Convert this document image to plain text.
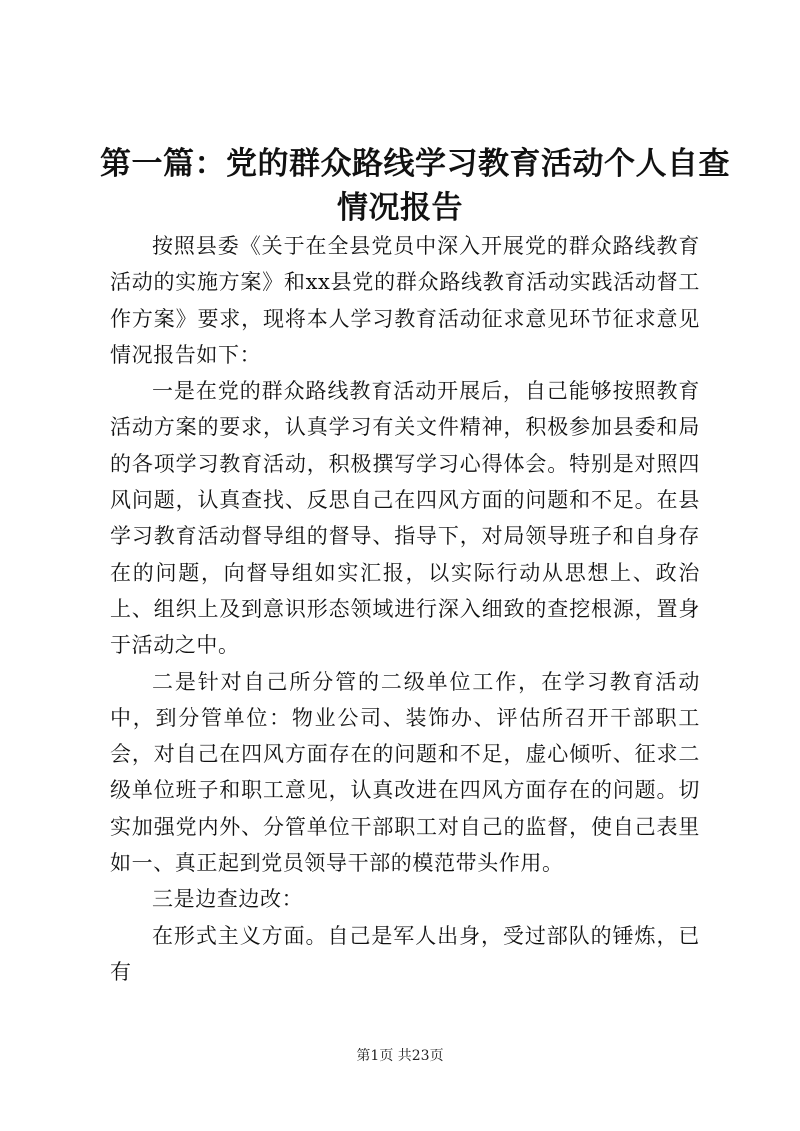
第一篇：党的群众路线学习教育活动个人自查
情况报告

按照县委《关于在全县党员中深入开展党的群众路线教育活动的实施方案》和xx县党的群众路线教育活动实践活动督工作方案》要求，现将本人学习教育活动征求意见环节征求意见情况报告如下：

一是在党的群众路线教育活动开展后，自己能够按照教育活动方案的要求，认真学习有关文件精神，积极参加县委和局的各项学习教育活动，积极撰写学习心得体会。特别是对照四风问题，认真查找、反思自己在四风方面的问题和不足。在县学习教育活动督导组的督导、指导下，对局领导班子和自身存在的问题，向督导组如实汇报，以实际行动从思想上、政治上、组织上及到意识形态领域进行深入细致的查挖根源，置身于活动之中。

二是针对自己所分管的二级单位工作，在学习教育活动中，到分管单位：物业公司、装饰办、评估所召开干部职工会，对自己在四风方面存在的问题和不足，虚心倾听、征求二级单位班子和职工意见，认真改进在四风方面存在的问题。切实加强党内外、分管单位干部职工对自己的监督，使自己表里如一、真正起到党员领导干部的模范带头作用。

三是边查边改：

在形式主义方面。自己是军人出身，受过部队的锤炼，已有

第1页 共23页
